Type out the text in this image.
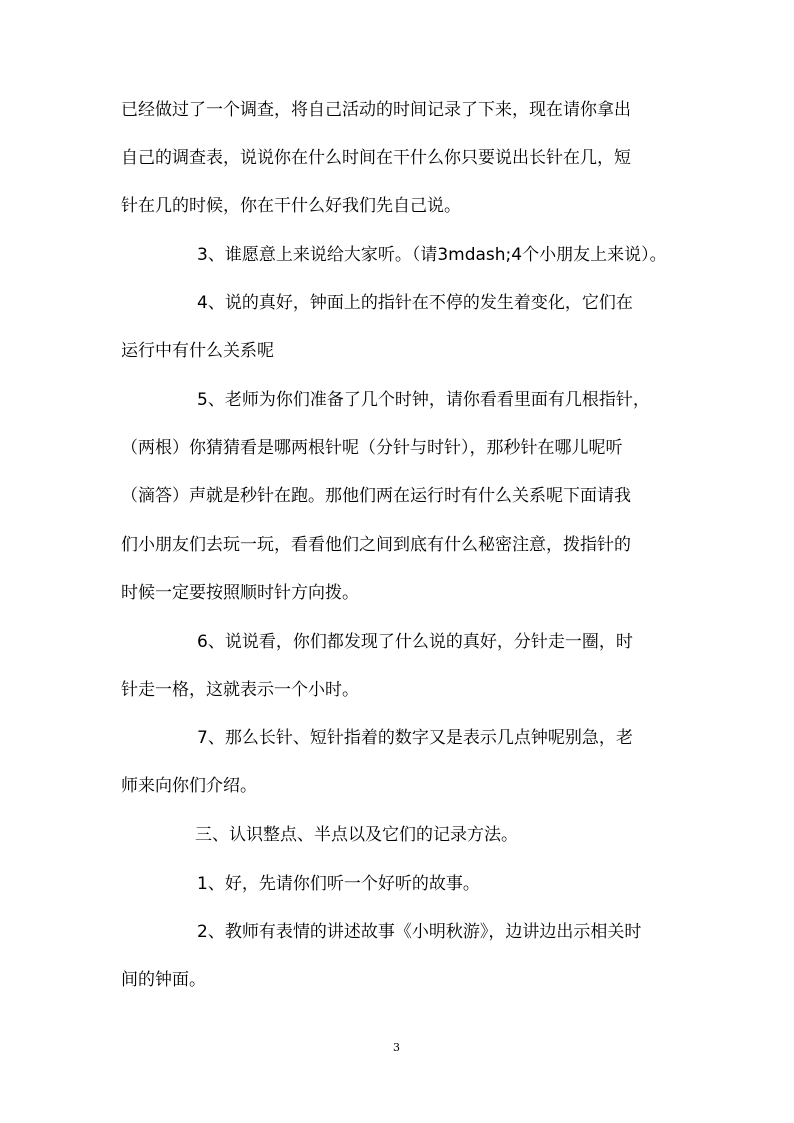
已经做过了一个调查，将自己活动的时间记录了下来，现在请你拿出
自己的调查表，说说你在什么时间在干什么你只要说出长针在几，短
针在几的时候，你在干什么好我们先自己说。
3、谁愿意上来说给大家听。（请3mdash;4个小朋友上来说）。
4、说的真好，钟面上的指针在不停的发生着变化，它们在
运行中有什么关系呢
5、老师为你们准备了几个时钟，请你看看里面有几根指针，
（两根）你猜猜看是哪两根针呢（分针与时针），那秒针在哪儿呢听
（滴答）声就是秒针在跑。那他们两在运行时有什么关系呢下面请我
们小朋友们去玩一玩，看看他们之间到底有什么秘密注意，拨指针的
时候一定要按照顺时针方向拨。
6、说说看，你们都发现了什么说的真好，分针走一圈，时
针走一格，这就表示一个小时。
7、那么长针、短针指着的数字又是表示几点钟呢别急，老
师来向你们介绍。
三、认识整点、半点以及它们的记录方法。
1、好，先请你们听一个好听的故事。
2、教师有表情的讲述故事《小明秋游》，边讲边出示相关时
间的钟面。
3
